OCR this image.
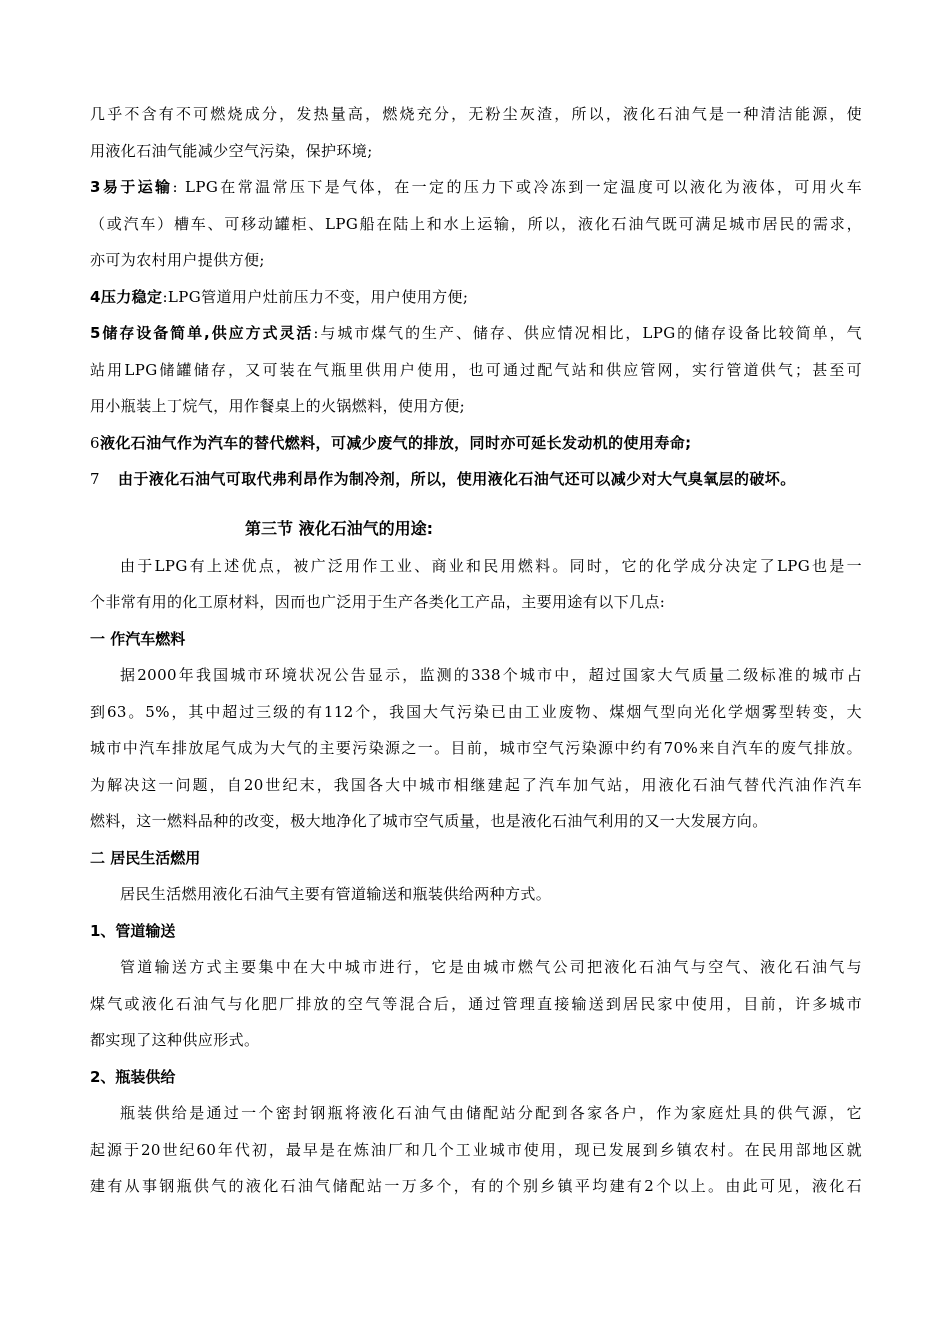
几乎不含有不可燃烧成分，发热量高，燃烧充分，无粉尘灰渣，所以，液化石油气是一种清洁能源，使
用液化石油气能减少空气污染，保护环境;
3易于运输: LPG在常温常压下是气体，在一定的压力下或冷冻到一定温度可以液化为液体，可用火车
（或汽车）槽车、可移动罐柜、LPG船在陆上和水上运输，所以，液化石油气既可满足城市居民的需求，
亦可为农村用户提供方便;
4压力稳定:LPG管道用户灶前压力不变，用户使用方便;
5储存设备简单,供应方式灵活:与城市煤气的生产、储存、供应情况相比，LPG的储存设备比较简单，气
站用LPG储罐储存，又可装在气瓶里供用户使用，也可通过配气站和供应管网，实行管道供气；甚至可
用小瓶装上丁烷气，用作餐桌上的火锅燃料，使用方便;
6液化石油气作为汽车的替代燃料，可减少废气的排放，同时亦可延长发动机的使用寿命;
7 由于液化石油气可取代弗利昂作为制冷剂，所以，使用液化石油气还可以减少对大气臭氧层的破坏。
第三节 液化石油气的用途:
由于LPG有上述优点，被广泛用作工业、商业和民用燃料。同时，它的化学成分决定了LPG也是一
个非常有用的化工原材料，因而也广泛用于生产各类化工产品，主要用途有以下几点:
一 作汽车燃料
据2000年我国城市环境状况公告显示，监测的338个城市中，超过国家大气质量二级标准的城市占
到63。5%，其中超过三级的有112个，我国大气污染已由工业废物、煤烟气型向光化学烟雾型转变，大
城市中汽车排放尾气成为大气的主要污染源之一。目前，城市空气污染源中约有70%来自汽车的废气排放。
为解决这一问题，自20世纪末，我国各大中城市相继建起了汽车加气站，用液化石油气替代汽油作汽车
燃料，这一燃料品种的改变，极大地净化了城市空气质量，也是液化石油气利用的又一大发展方向。
二 居民生活燃用
居民生活燃用液化石油气主要有管道输送和瓶装供给两种方式。
1、管道输送
管道输送方式主要集中在大中城市进行，它是由城市燃气公司把液化石油气与空气、液化石油气与
煤气或液化石油气与化肥厂排放的空气等混合后，通过管理直接输送到居民家中使用，目前，许多城市
都实现了这种供应形式。
2、瓶装供给
瓶装供给是通过一个密封钢瓶将液化石油气由储配站分配到各家各户，作为家庭灶具的供气源，它
起源于20世纪60年代初，最早是在炼油厂和几个工业城市使用，现已发展到乡镇农村。在民用部地区就
建有从事钢瓶供气的液化石油气储配站一万多个，有的个别乡镇平均建有2个以上。由此可见，液化石
